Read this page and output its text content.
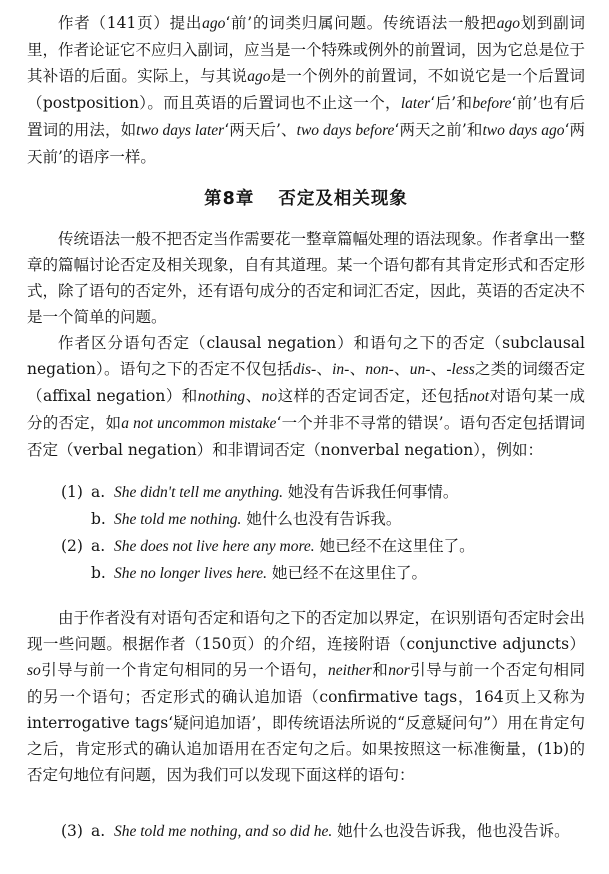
作者（141页）提出ago‘前’的词类归属问题。传统语法一般把ago划到副词里，作者论证它不应归入副词，应当是一个特殊或例外的前置词，因为它总是位于其补语的后面。实际上，与其说ago是一个例外的前置词，不如说它是一个后置词（postposition）。而且英语的后置词也不止这一个，later‘后’和before‘前’也有后置词的用法，如two days later‘两天后’、two days before‘两天之前’和two days ago‘两天前’的语序一样。

第8章 否定及相关现象

传统语法一般不把否定当作需要花一整章篇幅处理的语法现象。作者拿出一整章的篇幅讨论否定及相关现象，自有其道理。某一个语句都有其肯定形式和否定形式，除了语句的否定外，还有语句成分的否定和词汇否定，因此，英语的否定决不是一个简单的问题。

作者区分语句否定（clausal negation）和语句之下的否定（subclausal negation）。语句之下的否定不仅包括dis-、in-、non-、un-、-less之类的词缀否定（affixal negation）和nothing、no这样的否定词否定，还包括not对语句某一成分的否定，如a not uncommon mistake‘一个并非不寻常的错误’。语句否定包括谓词否定（verbal negation）和非谓词否定（nonverbal negation），例如：

(1) a. She didn't tell me anything. 她没有告诉我任何事情。
b. She told me nothing. 她什么也没有告诉我。
(2) a. She does not live here any more. 她已经不在这里住了。
b. She no longer lives here. 她已经不在这里住了。

由于作者没有对语句否定和语句之下的否定加以界定，在识别语句否定时会出现一些问题。根据作者（150页）的介绍，连接附语（conjunctive adjuncts）so引导与前一个肯定句相同的另一个语句，neither和nor引导与前一个否定句相同的另一个语句；否定形式的确认追加语（confirmative tags，164页上又称为interrogative tags‘疑问追加语’，即传统语法所说的“反意疑问句”）用在肯定句之后，肯定形式的确认追加语用在否定句之后。如果按照这一标准衡量，(1b)的否定句地位有问题，因为我们可以发现下面这样的语句：

(3) a. She told me nothing, and so did he. 她什么也没告诉我，他也没告诉。
